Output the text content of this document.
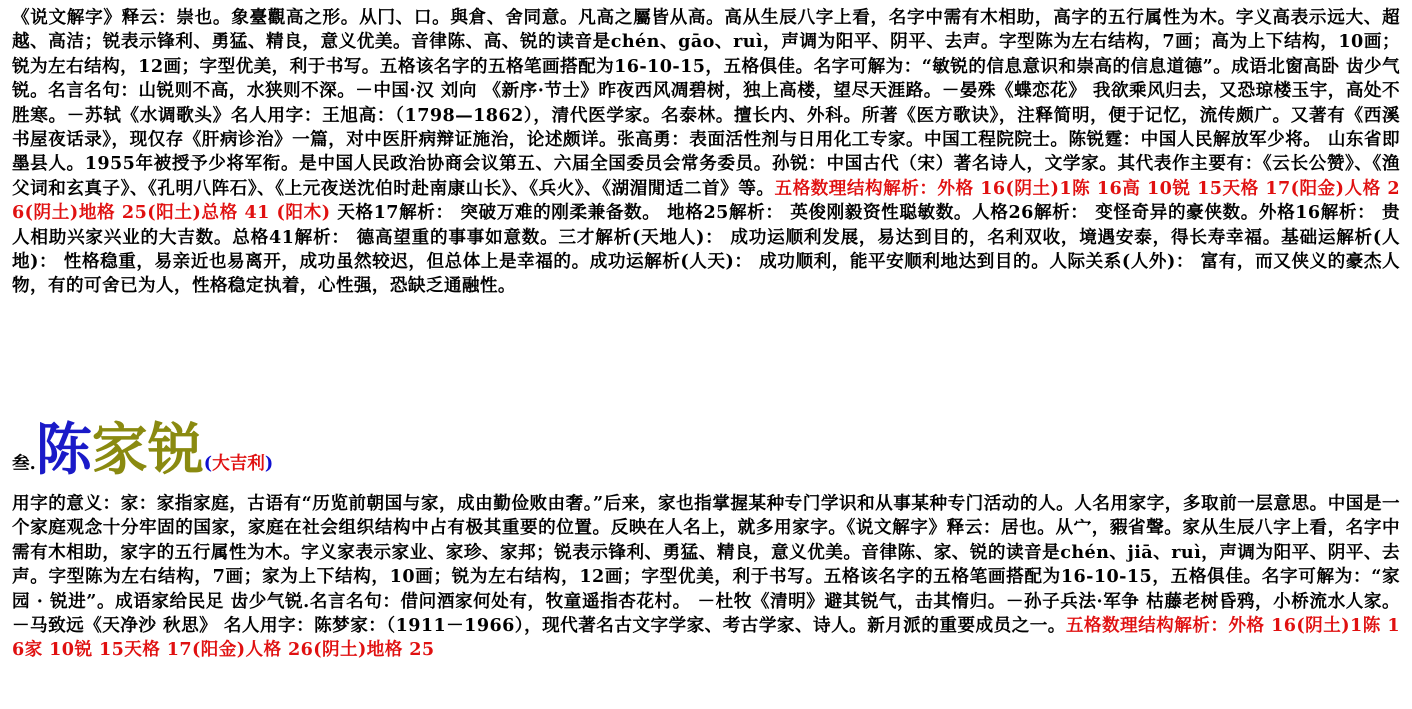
《说文解字》释云：崇也。象臺觀高之形。从冂、口。與倉、舍同意。凡高之屬皆从高。高从生辰八字上看，名字中需有木相助，高字的五行属性为木。字义高表示远大、超越、高洁；锐表示锋利、勇猛、精良，意义优美。音律陈、高、锐的读音是chén、gāo、ruì，声调为阳平、阴平、去声。字型陈为左右结构，7画；高为上下结构，10画；锐为左右结构，12画；字型优美，利于书写。五格该名字的五格笔画搭配为16-10-15，五格俱佳。名字可解为：“敏锐的信息意识和崇高的信息道德”。成语北窗高卧 齿少气锐。名言名句：山锐则不高，水狭则不深。－中国·汉 刘向 《新序·节士》昨夜西风凋碧树，独上高楼，望尽天涯路。－晏殊《蝶恋花》 我欲乘风归去，又恐琼楼玉宇，高处不胜寒。－苏轼《水调歌头》名人用字：王旭高：（1798—1862），清代医学家。名泰林。擅长内、外科。所著《医方歌诀》，注释简明，便于记忆，流传颇广。又著有《西溪书屋夜话录》，现仅存《肝病诊治》一篇，对中医肝病辩证施治，论述颇详。张高勇：表面活性剂与日用化工专家。中国工程院院士。陈锐霆：中国人民解放军少将。 山东省即墨县人。1955年被授予少将军衔。是中国人民政治协商会议第五、六届全国委员会常务委员。孙锐：中国古代（宋）著名诗人，文学家。其代表作主要有：《云长公赞》、《渔父词和玄真子》、《孔明八阵石》、《上元夜送沈伯时赴南康山长》、《兵火》、《湖湄閒适二首》等。五格数理结构解析：外格 16(阴土)1陈 16高 10锐 15天格 17(阳金)人格 26(阴土)地格 25(阳土)总格 41 (阳木) 天格17解析： 突破万难的刚柔兼备数。 地格25解析： 英俊刚毅资性聪敏数。人格26解析： 变怪奇异的豪侠数。外格16解析： 贵人相助兴家兴业的大吉数。总格41解析： 德高望重的事事如意数。三才解析(天地人)： 成功运顺利发展，易达到目的，名利双收，境遇安泰，得长寿幸福。基础运解析(人地)： 性格稳重，易亲近也易离开，成功虽然较迟，但总体上是幸福的。成功运解析(人天)： 成功顺利，能平安顺利地达到目的。人际关系(人外)： 富有，而又侠义的豪杰人物，有的可舍已为人，性格稳定执着，心性强，恐缺乏通融性。
叁.陈家锐(大吉利)
用字的意义：家：家指家庭，古语有“历览前朝国与家，成由勤俭败由奢。”后来，家也指掌握某种专门学识和从事某种专门活动的人。人名用家字，多取前一层意思。中国是一个家庭观念十分牢固的国家，家庭在社会组织结构中占有极其重要的位置。反映在人名上，就多用家字。《说文解字》释云：居也。从宀，豭省聲。家从生辰八字上看，名字中需有木相助，家字的五行属性为木。字义家表示家业、家珍、家邦；锐表示锋利、勇猛、精良，意义优美。音律陈、家、锐的读音是chén、jiā、ruì，声调为阳平、阴平、去声。字型陈为左右结构，7画；家为上下结构，10画；锐为左右结构，12画；字型优美，利于书写。五格该名字的五格笔画搭配为16-10-15，五格俱佳。名字可解为：“家园 · 锐进”。成语家给民足 齿少气锐.名言名句：借问酒家何处有，牧童遥指杏花村。 －杜牧《清明》避其锐气，击其惰归。－孙子兵法·军争 枯藤老树昏鸦，小桥流水人家。－马致远《天净沙 秋思》 名人用字：陈梦家：（1911－1966），现代著名古文字学家、考古学家、诗人。新月派的重要成员之一。五格数理结构解析：外格 16(阴土)1陈 16家 10锐 15天格 17(阳金)人格 26(阴土)地格 25
